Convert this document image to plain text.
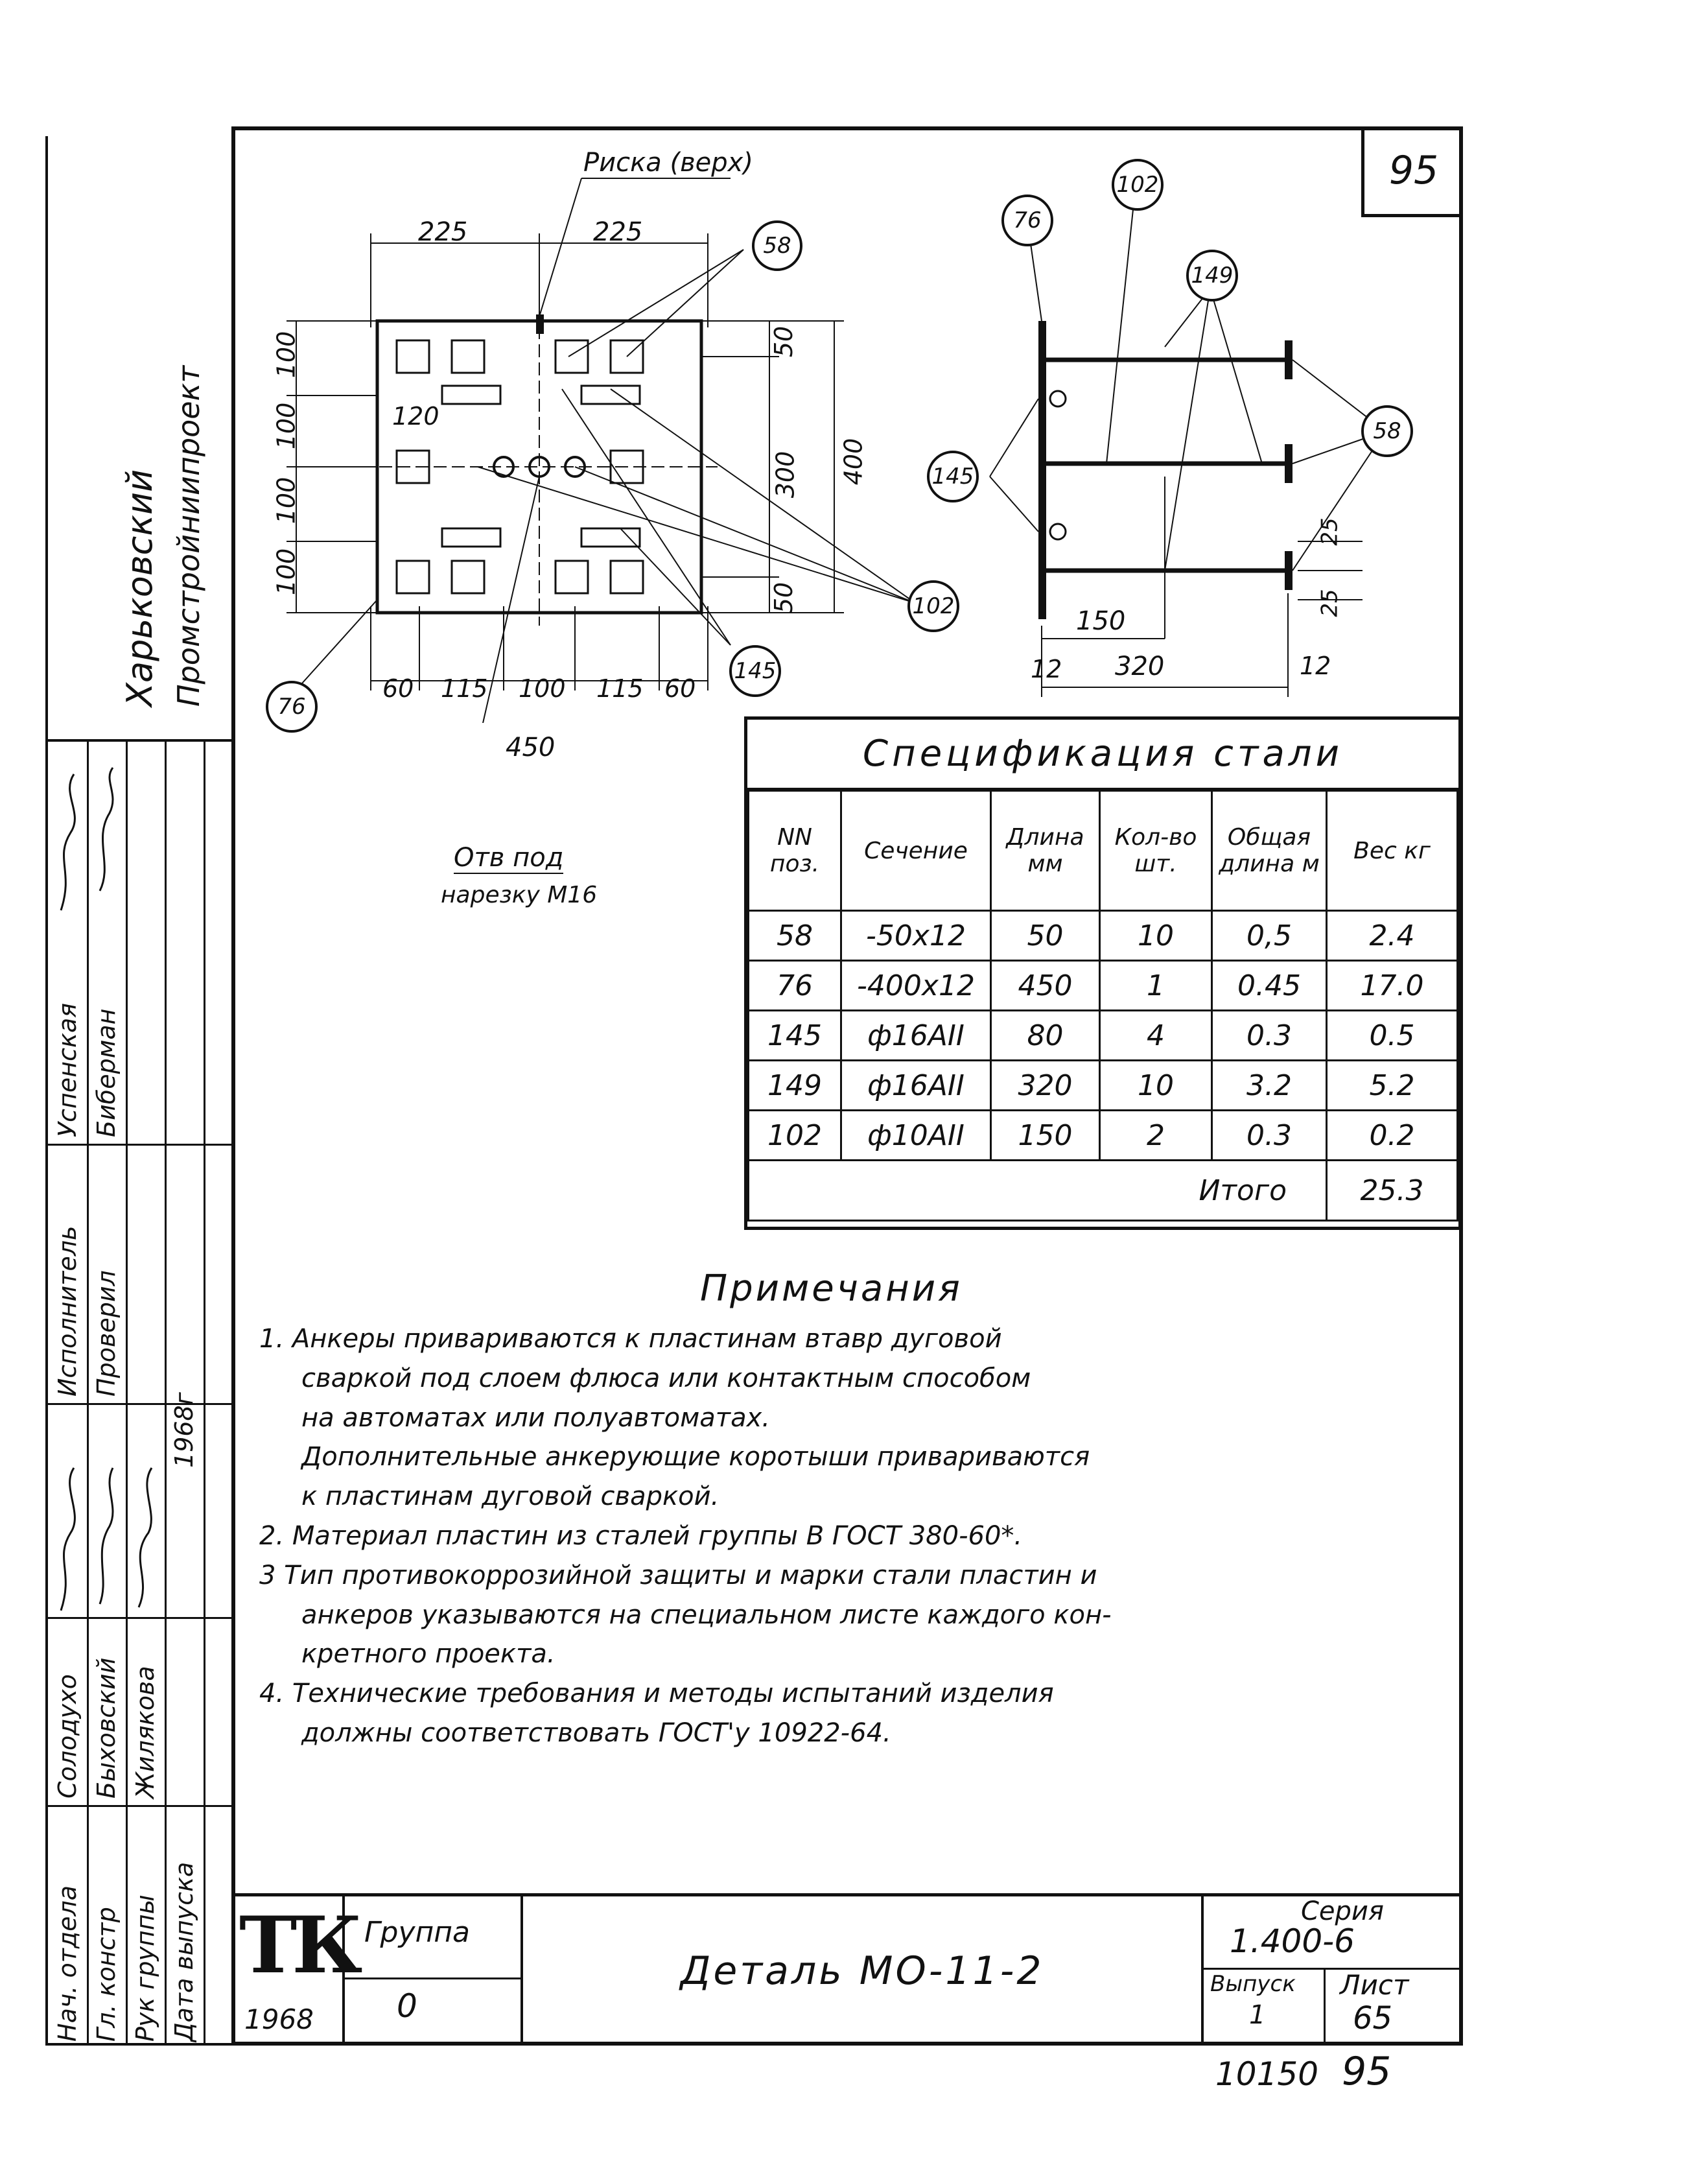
95
Харьковский Промстройниипроект
Нач. отдела Гл. констр Рук группы Дата выпуска
Солодухо Быховский Жилякова
Исполнитель Проверил
Успенская Биберман
1968г
Риска (верх)
225	225
100
100
100
100
120
50
300
50
400
60 115 100 115 60
450
Отв под
нарезку М16
58
102
145
76
76
102
149
145
58
150
320
12	12
25
25
Спецификация стали
NN поз.	Сечение	Длина мм	Кол-во шт.	Общая длина м	Вес кг
58	-50х12	50	10	0,5	2.4
76	-400х12	450	1	0.45	17.0
145	ф16АII	80	4	0.3	0.5
149	ф16АII	320	10	3.2	5.2
102	ф10АII	150	2	0.3	0.2
Итого					25.3
Примечания
1. Анкеры привариваются к пластинам втавр дуговой
сваркой под слоем флюса или контактным способом
на автоматах или полуавтоматах.
Дополнительные анкерующие коротыши привариваются
к пластинам дуговой сваркой.
2. Материал пластин из сталей группы В ГОСТ 380-60*.
3 Тип противокоррозийной защиты и марки стали пластин и
анкеров указываются на специальном листе каждого кон-
кретного проекта.
4. Технические требования и методы испытаний изделия
должны соответствовать ГОСТ'у 10922-64.
ТК
1968
Группа
0
Деталь МО-11-2
Серия
1.400-6
Выпуск
1
Лист
65
10150 95
